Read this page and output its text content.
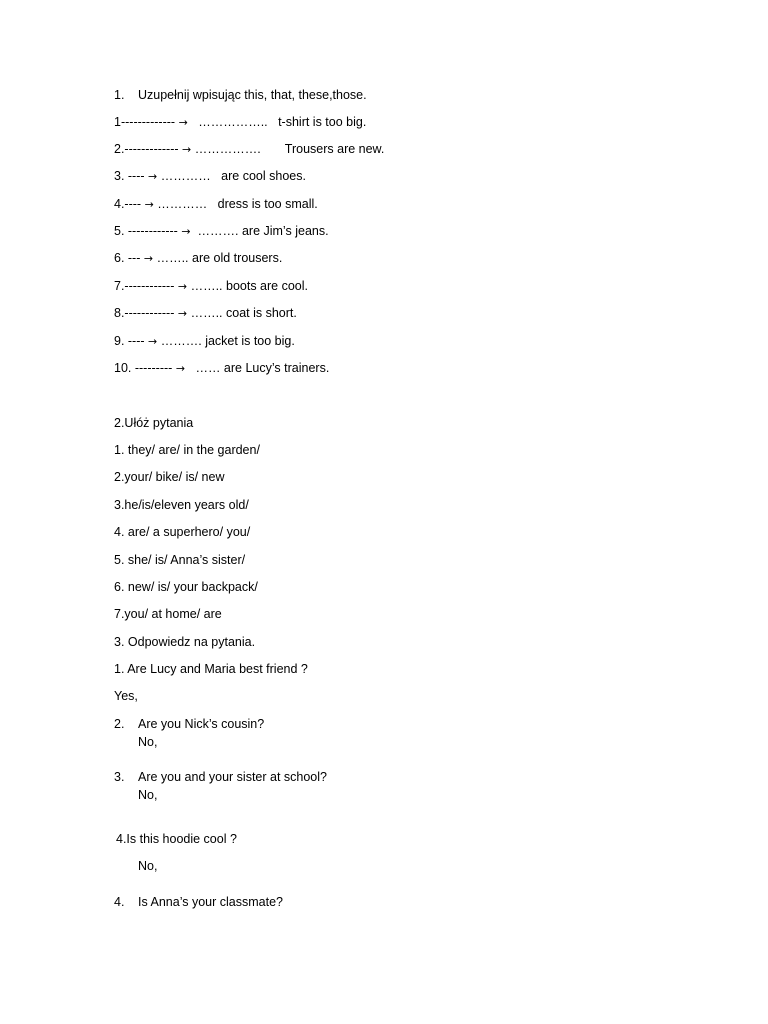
1. Uzupełnij wpisując this, that, these,those.
1------------- →   ……………..   t-shirt is too big.
2.------------- → …………….       Trousers are new.
3. ---- → …………   are cool shoes.
4.---- → …………   dress is too small.
5. ------------ →  ………. are Jim’s jeans.
6. --- → …….. are old trousers.
7.------------ → …….. boots are cool.
8.------------ → …….. coat is short.
9. ---- → ………. jacket is too big.
10. --------- →   …… are Lucy’s trainers.
2.Ułóż pytania
1. they/ are/ in the garden/
2.your/ bike/ is/ new
3.he/is/eleven years old/
4. are/ a superhero/ you/
5. she/ is/ Anna’s sister/
6. new/ is/ your backpack/
7.you/ at home/ are
3. Odpowiedz na pytania.
1. Are Lucy and Maria best friend ?
Yes,
2. Are you Nick’s cousin?
No,
3. Are you and your sister at school?
No,
4.Is this hoodie cool ?
No,
4. Is Anna’s your classmate?
